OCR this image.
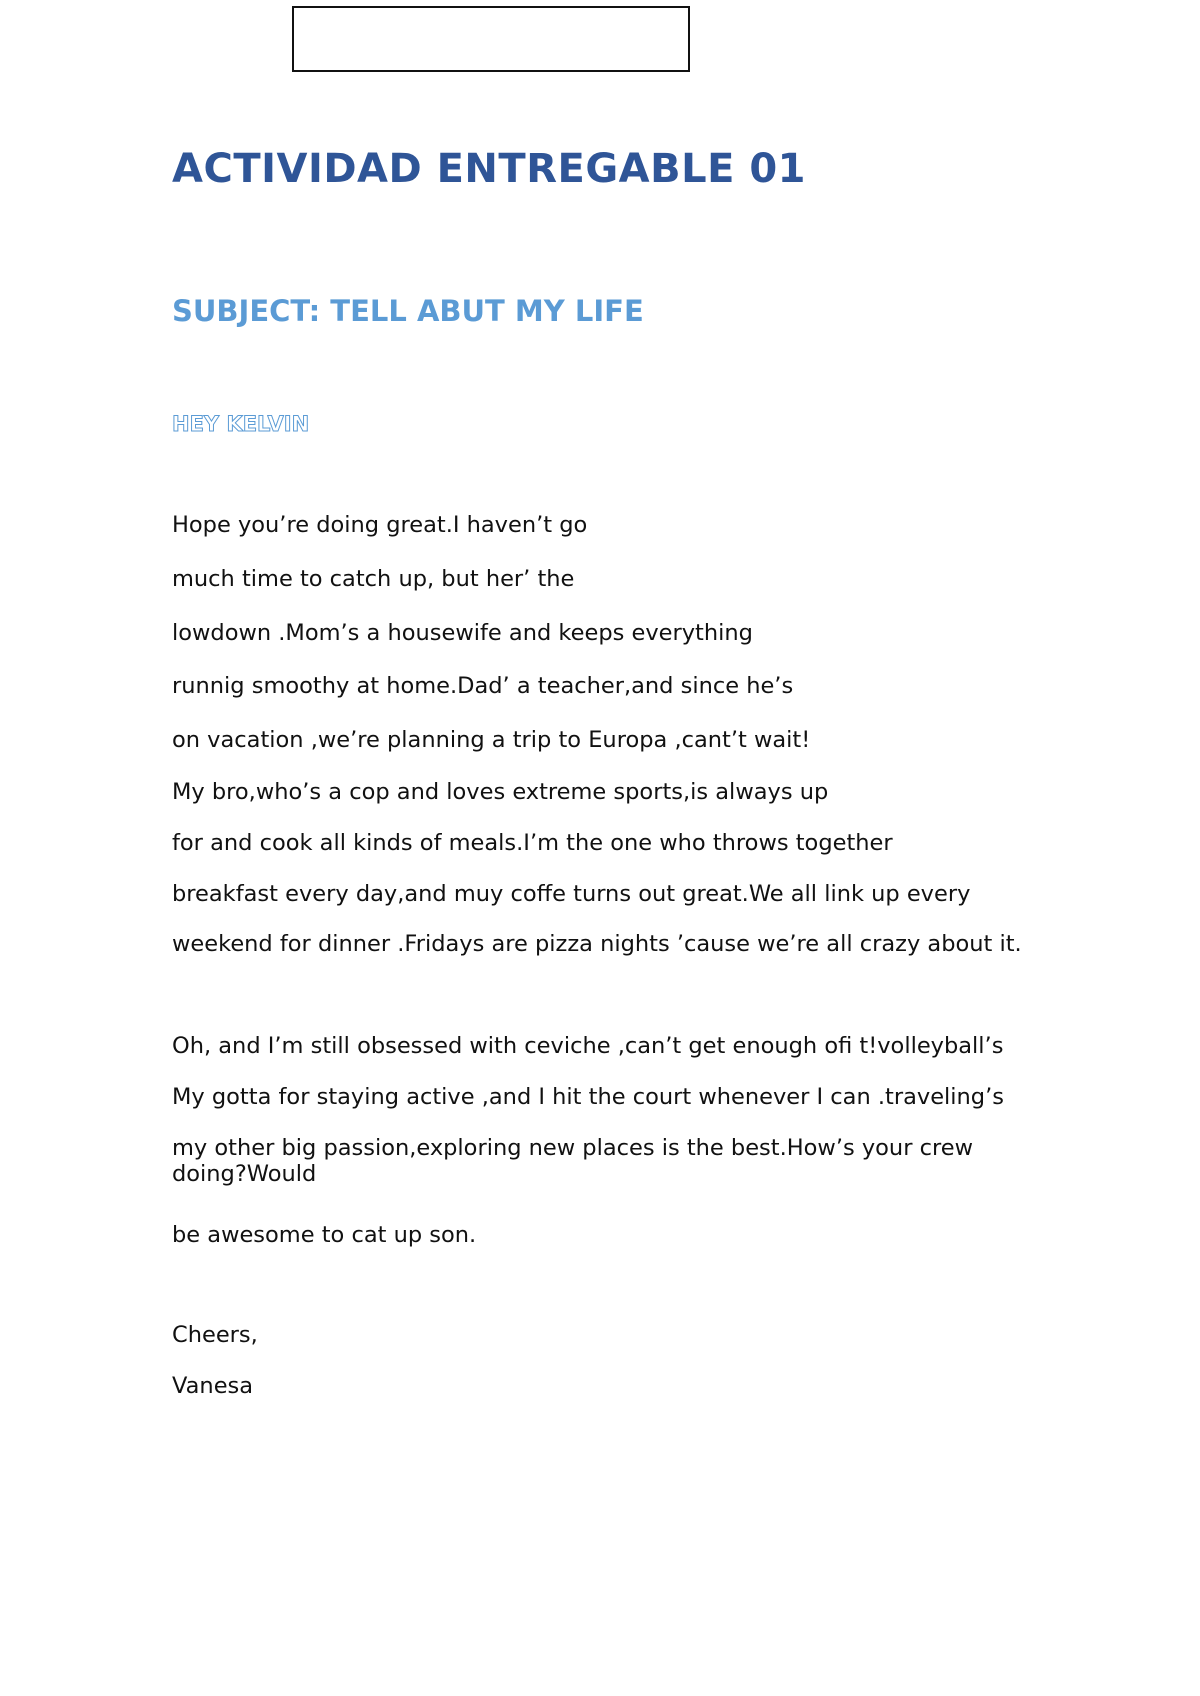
ACTIVIDAD ENTREGABLE 01
SUBJECT: TELL ABUT MY LIFE
HEY KELVIN

Hope you’re doing great.I haven’t go

much time to catch up, but her’ the

lowdown .Mom’s a housewife and keeps everything

runnig smoothy at home.Dad’ a teacher,and since he’s

on vacation ,we’re planning a trip to Europa ,cant’t wait!

My bro,who’s a cop and loves extreme sports,is always up

for and cook all kinds of meals.I’m the one who throws together

breakfast every day,and muy coffe turns out great.We all link up every

weekend for dinner .Fridays are pizza nights ’cause we’re all crazy about it.

Oh, and I’m still obsessed with ceviche ,can’t get enough ofi t!volleyball’s

My gotta for staying active ,and I hit the court whenever I can .traveling’s

my other big passion,exploring new places is the best.How’s your crew doing?Would

be awesome to cat up son.

Cheers,

Vanesa
